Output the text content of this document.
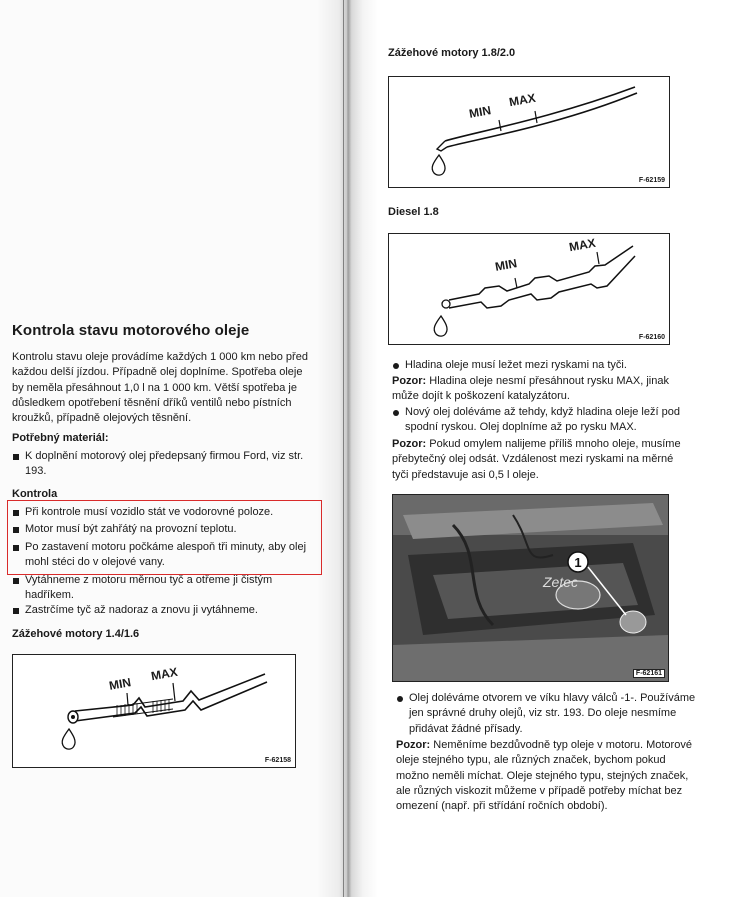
Kontrola stavu motorového oleje
Kontrolu stavu oleje provádíme každých 1 000 km nebo před každou delší jízdou. Případně olej doplníme. Spotřeba oleje by neměla přesáhnout 1,0 l na 1 000 km. Větší spotřeba je důsledkem opotřebení těsnění dříků ventilů nebo pístních kroužků, případně olejových těsnění.
Potřebný materiál:
K doplnění motorový olej předepsaný firmou Ford, viz str. 193.
Kontrola
Při kontrole musí vozidlo stát ve vodorovné poloze.
Motor musí být zahřátý na provozní teplotu.
Po zastavení motoru počkáme alespoň tři minuty, aby olej mohl stéci do v olejové vany.
Vytáhneme z motoru měrnou tyč a otřeme ji čistým hadříkem.
Zastrčíme tyč až nadoraz a znovu ji vytáhneme.
Zážehové motory 1.4/1.6
MIN
MAX
F-62158
Zážehové motory 1.8/2.0
MIN
MAX
F-62159
Diesel 1.8
MIN
MAX
F-62160
Hladina oleje musí ležet mezi ryskami na tyči.
Pozor: Hladina oleje nesmí přesáhnout rysku MAX, jinak může dojít k poškození katalyzátoru.
Nový olej doléváme až tehdy, když hladina oleje leží pod spodní ryskou. Olej doplníme až po rysku MAX.
Pozor: Pokud omylem nalijeme příliš mnoho oleje, musíme přebytečný olej odsát. Vzdálenost mezi ryskami na měrné tyči představuje asi 0,5 l oleje.
Zetec
1
F-62161
Olej doléváme otvorem ve víku hlavy válců -1-. Používáme jen správné druhy olejů, viz str. 193. Do oleje nesmíme přidávat žádné přísady.
Pozor: Neměníme bezdůvodně typ oleje v motoru. Motorové oleje stejného typu, ale různých značek, bychom pokud možno neměli míchat. Oleje stejného typu, stejných značek, ale různých viskozit můžeme v případě potřeby míchat bez omezení (např. při střídání ročních období).
